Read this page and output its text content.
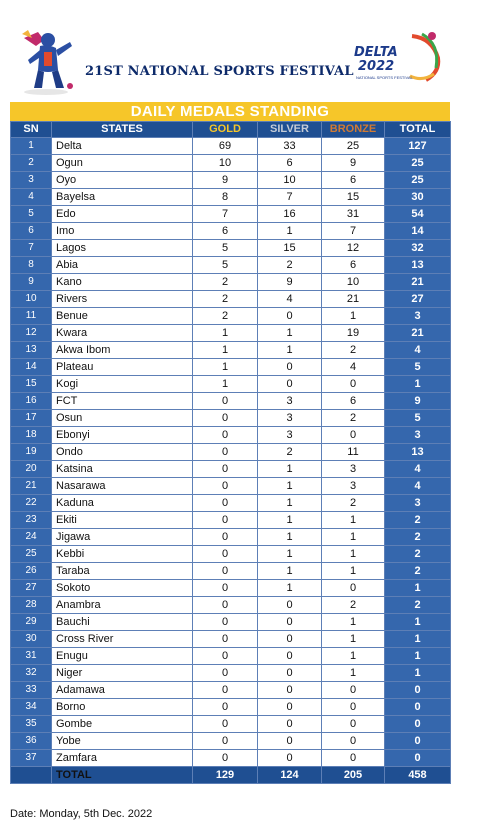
21ST NATIONAL SPORTS FESTIVAL
DELTA
2022
NATIONAL SPORTS FESTIVAL
DAILY MEDALS STANDING
SN	STATES	GOLD	SILVER	BRONZE	TOTAL
1	Delta	69	33	25	127
2	Ogun	10	6	9	25
3	Oyo	9	10	6	25
4	Bayelsa	8	7	15	30
5	Edo	7	16	31	54
6	Imo	6	1	7	14
7	Lagos	5	15	12	32
8	Abia	5	2	6	13
9	Kano	2	9	10	21
10	Rivers	2	4	21	27
11	Benue	2	0	1	3
12	Kwara	1	1	19	21
13	Akwa Ibom	1	1	2	4
14	Plateau	1	0	4	5
15	Kogi	1	0	0	1
16	FCT	0	3	6	9
17	Osun	0	3	2	5
18	Ebonyi	0	3	0	3
19	Ondo	0	2	11	13
20	Katsina	0	1	3	4
21	Nasarawa	0	1	3	4
22	Kaduna	0	1	2	3
23	Ekiti	0	1	1	2
24	Jigawa	0	1	1	2
25	Kebbi	0	1	1	2
26	Taraba	0	1	1	2
27	Sokoto	0	1	0	1
28	Anambra	0	0	2	2
29	Bauchi	0	0	1	1
30	Cross River	0	0	1	1
31	Enugu	0	0	1	1
32	Niger	0	0	1	1
33	Adamawa	0	0	0	0
34	Borno	0	0	0	0
35	Gombe	0	0	0	0
36	Yobe	0	0	0	0
37	Zamfara	0	0	0	0
	TOTAL	129	124	205	458
Date: Monday, 5th Dec. 2022
